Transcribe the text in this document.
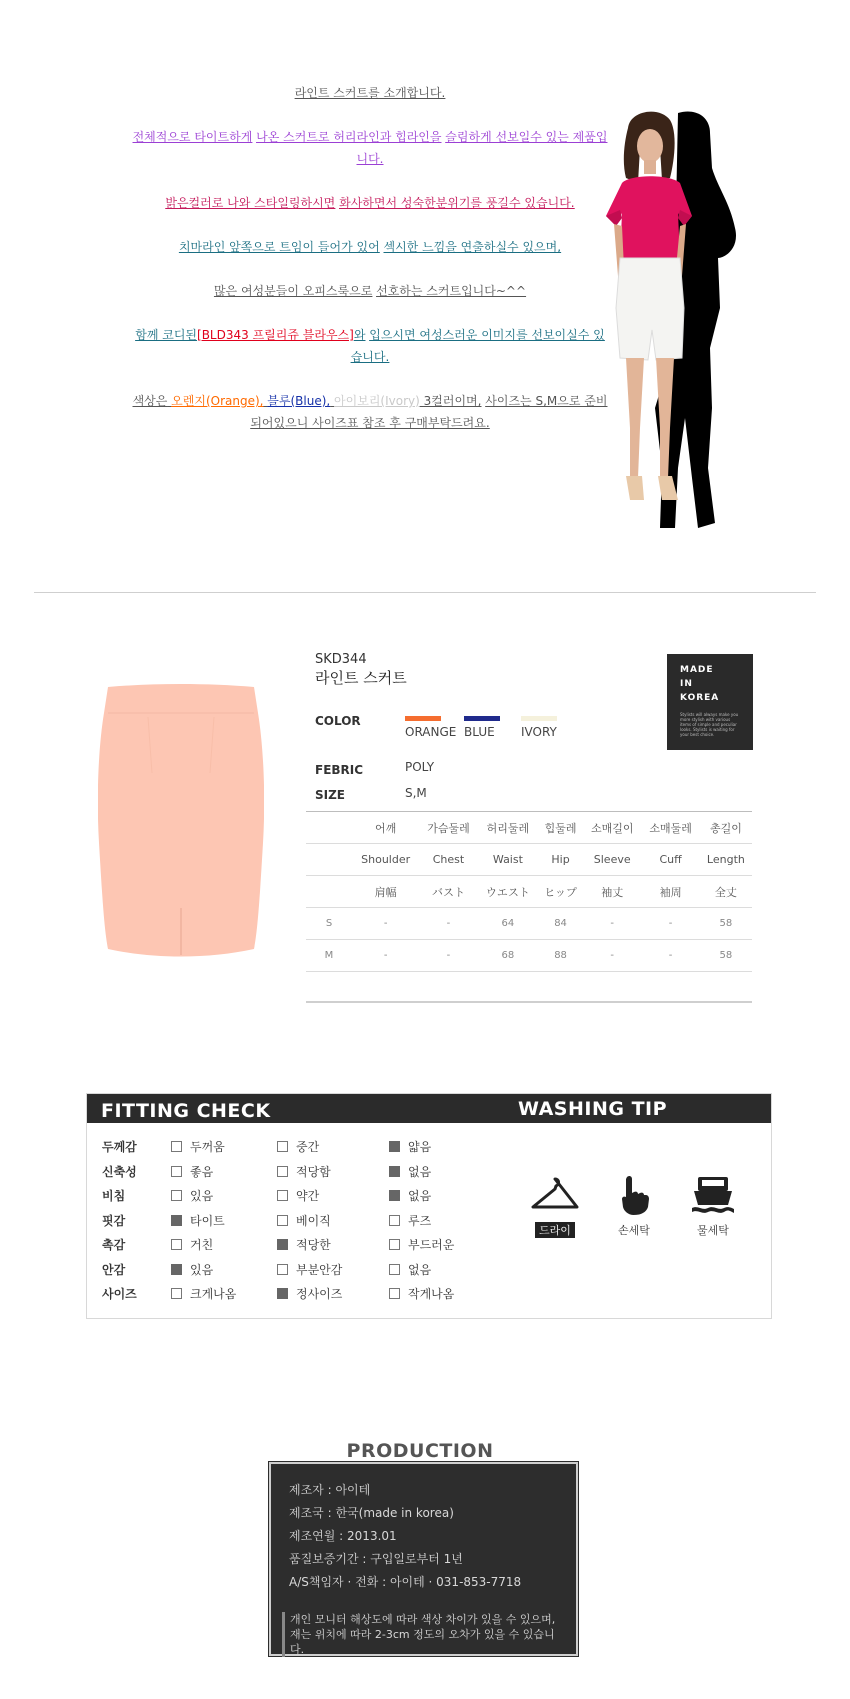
라인트 스커트를 소개합니다.
전체적으로 타이트하게 나온 스커트로 허리라인과 힙라인을 슬림하게 선보일수 있는 제품입니다.
밝은컬러로 나와 스타일링하시면 화사하면서 성숙한분위기를 풍길수 있습니다.
치마라인 앞쪽으로 트임이 들어가 있어 섹시한 느낌을 연출하실수 있으며,
많은 여성분들이 오피스룩으로 선호하는 스커트입니다~^^
함께 코디된[BLD343 프릴리쥬 블라우스]와 입으시면 여성스러운 이미지를 선보이실수 있습니다.
색상은 오렌지(Orange), 블루(Blue), 아이보리(Ivory) 3컬러이며, 사이즈는 S,M으로 준비되어있으니 사이즈표 참조 후 구매부탁드려요.
SKD344
라인트 스커트
COLOR
ORANGE BLUE IVORY
FEBRIC	POLY
SIZE	S,M
MADE
IN
KOREA
Stylists will always make you more stylish with various items of simple and peculiar looks. Stylists is waiting for your best choice.
	어깨	가슴둘레	허리둘레	힙둘레	소매길이	소매둘레	총길이
	Shoulder	Chest	Waist	Hip	Sleeve	Cuff	Length
	肩幅	バスト	ウエスト	ヒップ	袖丈	袖周	全丈
S	-	-	64	84	-	-	58
M	-	-	68	88	-	-	58
FITTING CHECK	WASHING TIP
두께감	두꺼움	중간	얇음
신축성	좋음	적당함	없음
비침	있음	약간	없음
핏감	타이트	베이직	루즈
촉감	거친	적당한	부드러운
안감	있음	부분안감	없음
사이즈	크게나옴	정사이즈	작게나옴
드라이	손세탁	물세탁
PRODUCTION
제조자 : 아이테
제조국 : 한국(made in korea)
제조연월 : 2013.01
품질보증기간 : 구입일로부터 1년
A/S책임자 · 전화 : 아이테 · 031-853-7718
개인 모니터 해상도에 따라 색상 차이가 있을 수 있으며,
재는 위치에 따라 2-3cm 정도의 오차가 있을 수 있습니다.
